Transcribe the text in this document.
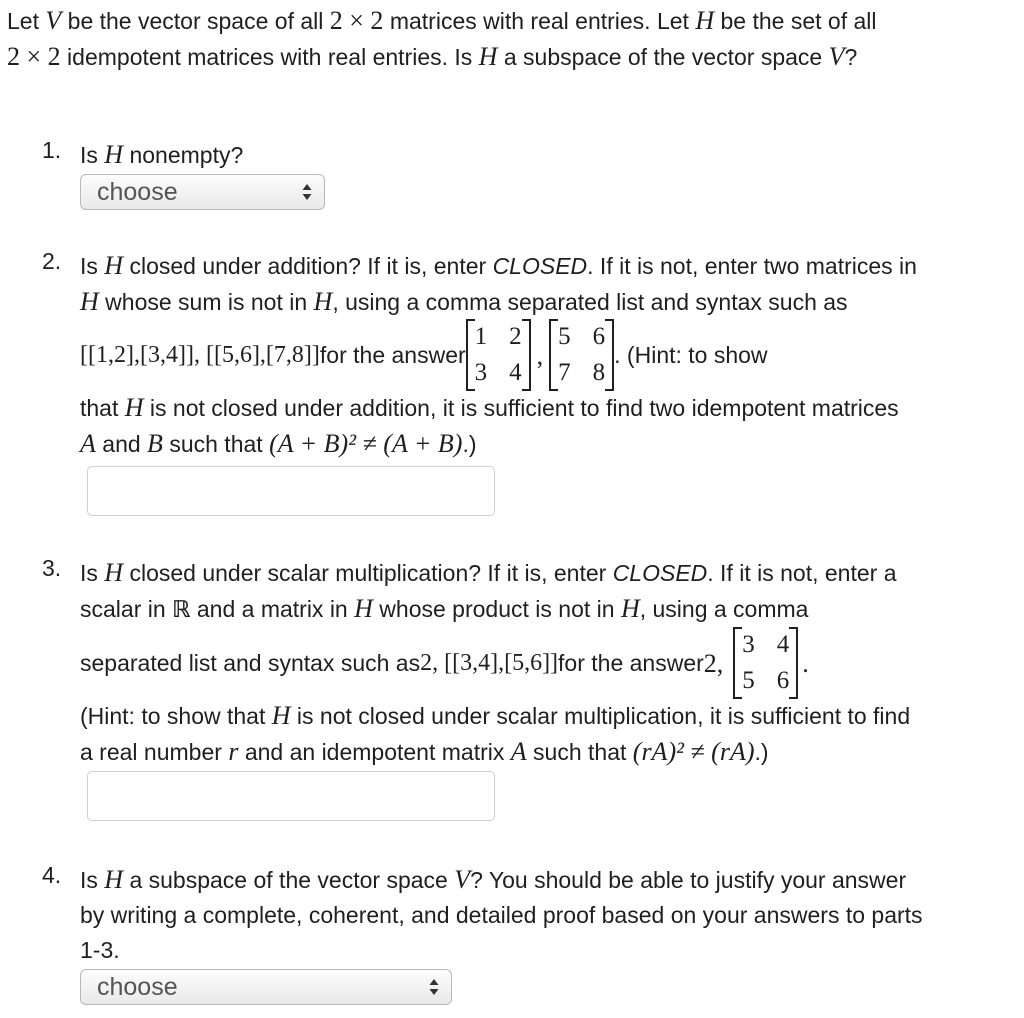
Let V be the vector space of all 2 × 2 matrices with real entries. Let H be the set of all
2 × 2 idempotent matrices with real entries. Is H a subspace of the vector space V?
1. Is H nonempty?
choose
2. Is H closed under addition? If it is, enter CLOSED. If it is not, enter two matrices in
H whose sum is not in H, using a comma separated list and syntax such as
[[1,2],[3,4]], [[5,6],[7,8]] for the answer
1 2
3 4
,
5 6
7 8
. (Hint: to show
that H is not closed under addition, it is sufficient to find two idempotent matrices
A and B such that (A + B)² ≠ (A + B).)
3. Is H closed under scalar multiplication? If it is, enter CLOSED. If it is not, enter a
scalar in ℝ and a matrix in H whose product is not in H, using a comma
separated list and syntax such as 2, [[3,4],[5,6]] for the answer 2,
3 4
5 6
.
(Hint: to show that H is not closed under scalar multiplication, it is sufficient to find
a real number r and an idempotent matrix A such that (rA)² ≠ (rA).)
4. Is H a subspace of the vector space V? You should be able to justify your answer
by writing a complete, coherent, and detailed proof based on your answers to parts
1-3.
choose
